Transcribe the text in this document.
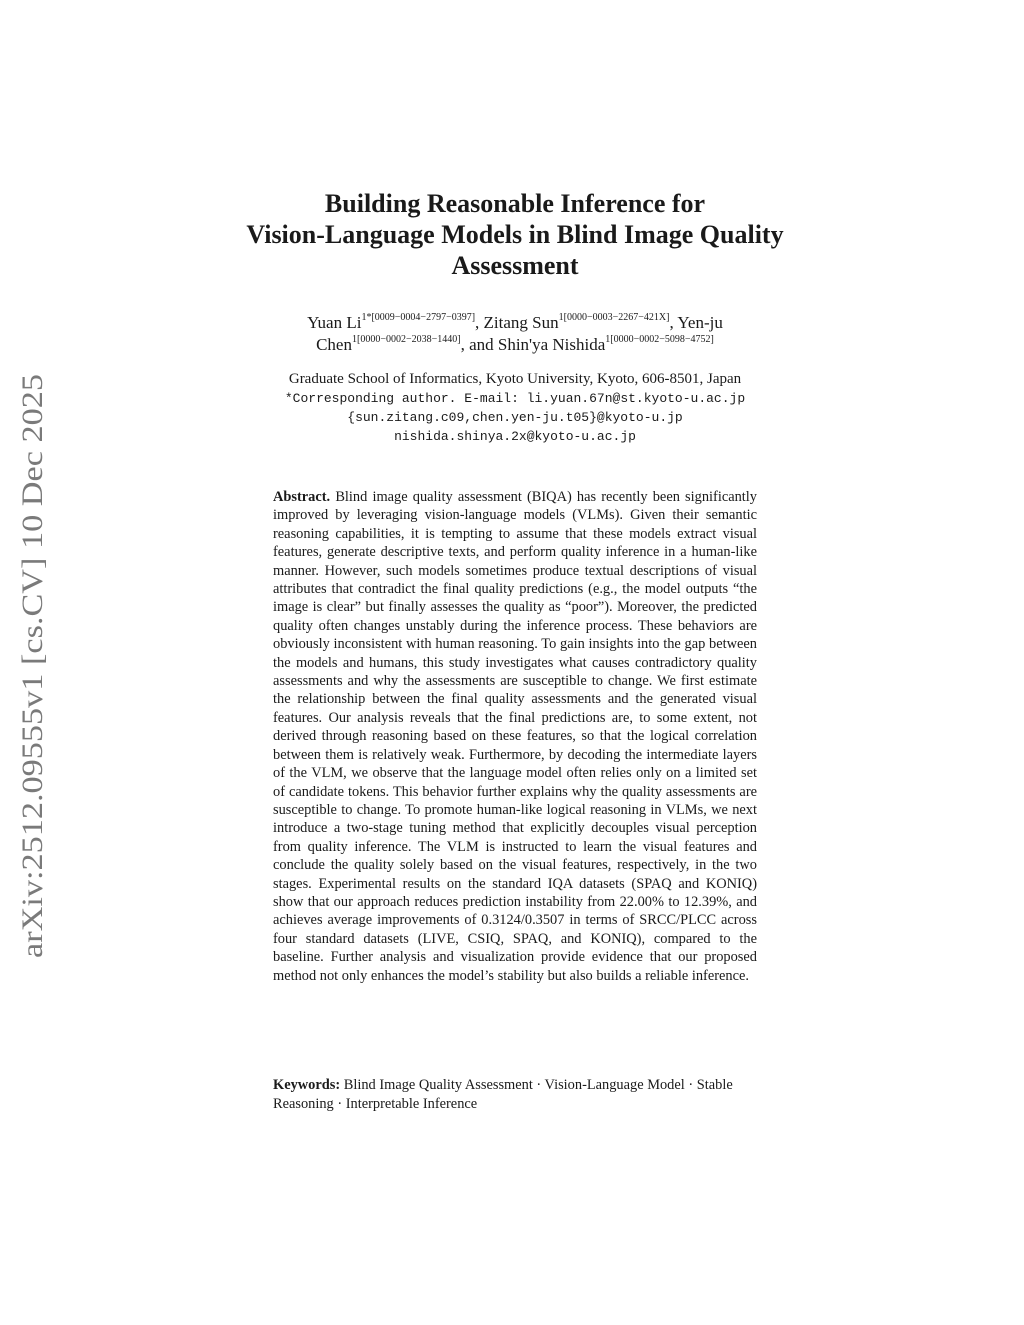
arXiv:2512.09555v1 [cs.CV] 10 Dec 2025
Building Reasonable Inference for
Vision-Language Models in Blind Image Quality
Assessment
Yuan $Li^{1*[0009-0004-2797-0397]}$, Zitang Sun$^{1[0000-0003-2267-421X]}$, Yen-ju
Chen$^{1[0000-0002-2038-1440]}$, and Shin'ya Nishida$^{1[0000-0002-5098-4752]}$
Graduate School of Informatics, Kyoto University, Kyoto, 606-8501, Japan
*Corresponding author. E-mail: li.yuan.67n@st.kyoto-u.ac.jp
{sun.zitang.c09,chen.yen-ju.t05}@kyoto-u.jp
nishida.shinya.2x@kyoto-u.ac.jp

Abstract. Blind image quality assessment (BIQA) has recently been significantly improved by leveraging vision-language models (VLMs). Given their semantic reasoning capabilities, it is tempting to assume that these models extract visual features, generate descriptive texts, and perform quality inference in a human-like manner. However, such models sometimes produce textual descriptions of visual attributes that contradict the final quality predictions (e.g., the model outputs “the image is clear” but finally assesses the quality as “poor”). Moreover, the predicted quality often changes unstably during the inference process. These behaviors are obviously inconsistent with human reasoning. To gain insights into the gap between the models and humans, this study investigates what causes contradictory quality assessments and why the assessments are susceptible to change. We first estimate the relationship between the final quality assessments and the generated visual features. Our analysis reveals that the final predictions are, to some extent, not derived through reasoning based on these features, so that the logical correlation between them is relatively weak. Furthermore, by decoding the intermediate layers of the VLM, we observe that the language model often relies only on a limited set of candidate tokens. This behavior further explains why the quality assessments are susceptible to change. To promote human-like logical reasoning in VLMs, we next introduce a two-stage tuning method that explicitly decouples visual perception from quality inference. The VLM is instructed to learn the visual features and conclude the quality solely based on the visual features, respectively, in the two stages. Experimental results on the standard IQA datasets (SPAQ and KONIQ) show that our approach reduces prediction instability from 22.00% to 12.39%, and achieves average improvements of 0.3124/0.3507 in terms of SRCC/PLCC across four standard datasets (LIVE, CSIQ, SPAQ, and KONIQ), compared to the baseline. Further analysis and visualization provide evidence that our proposed method not only enhances the model’s stability but also builds a reliable inference.

Keywords: Blind Image Quality Assessment · Vision-Language Model · Stable Reasoning · Interpretable Inference
